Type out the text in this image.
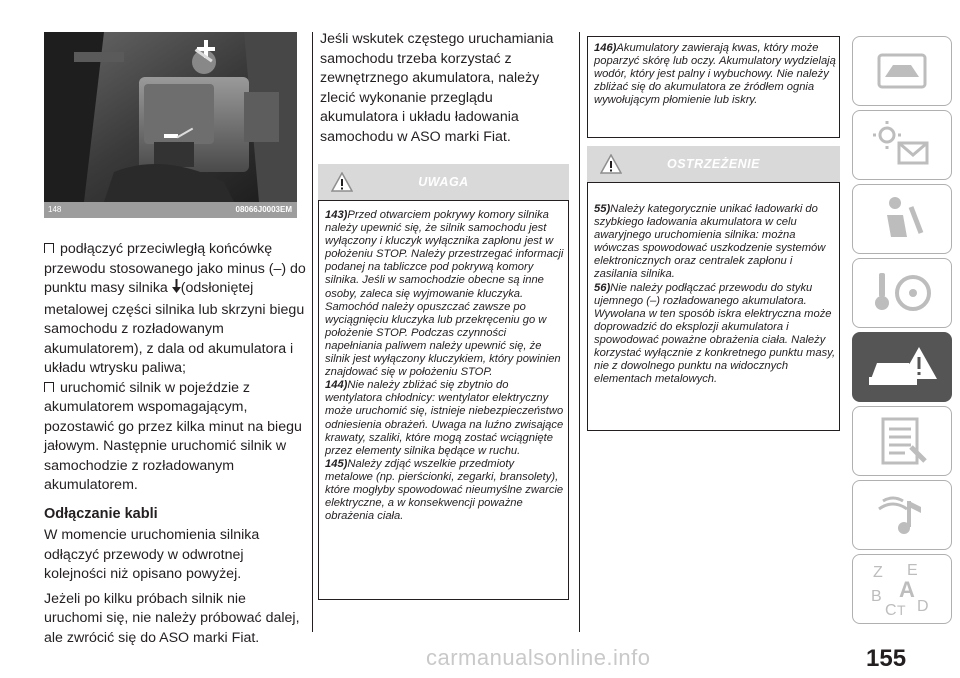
148	08066J0003EM
podłączyć przeciwległą końcówkę przewodu stosowanego jako minus (–) do punktu masy silnika (odsłoniętej metalowej części silnika lub skrzyni biegu samochodu z rozładowanym akumulatorem), z dala od akumulatora i układu wtrysku paliwa;
uruchomić silnik w pojeździe z akumulatorem wspomagającym, pozostawić go przez kilka minut na biegu jałowym. Następnie uruchomić silnik w samochodzie z rozładowanym akumulatorem.
Odłączanie kabli
W momencie uruchomienia silnika odłączyć przewody w odwrotnej kolejności niż opisano powyżej.
Jeżeli po kilku próbach silnik nie uruchomi się, nie należy próbować dalej, ale zwrócić się do ASO marki Fiat.
Jeśli wskutek częstego uruchamiania samochodu trzeba korzystać z zewnętrznego akumulatora, należy zlecić wykonanie przeglądu akumulatora i układu ładowania samochodu w ASO marki Fiat.
UWAGA
143)Przed otwarciem pokrywy komory silnika należy upewnić się, że silnik samochodu jest wyłączony i kluczyk wyłącznika zapłonu jest w położeniu STOP. Należy przestrzegać informacji podanej na tabliczce pod pokrywą komory silnika. Jeśli w samochodzie obecne są inne osoby, zaleca się wyjmowanie kluczyka. Samochód należy opuszczać zawsze po wyciągnięciu kluczyka lub przekręceniu go w położenie STOP. Podczas czynności napełniania paliwem należy upewnić się, że silnik jest wyłączony kluczykiem, który powinien znajdować się w położeniu STOP.
144)Nie należy zbliżać się zbytnio do wentylatora chłodnicy: wentylator elektryczny może uruchomić się, istnieje niebezpieczeństwo odniesienia obrażeń. Uwaga na luźno zwisające krawaty, szaliki, które mogą zostać wciągnięte przez elementy silnika będące w ruchu.
145)Należy zdjąć wszelkie przedmioty metalowe (np. pierścionki, zegarki, bransolety), które mogłyby spowodować nieumyślne zwarcie elektryczne, a w konsekwencji poważne obrażenia ciała.
146)Akumulatory zawierają kwas, który może poparzyć skórę lub oczy. Akumulatory wydzielają wodór, który jest palny i wybuchowy. Nie należy zbliżać się do akumulatora ze źródłem ognia wywołującym płomienie lub iskry.
OSTRZEŻENIE
55)Należy kategorycznie unikać ładowarki do szybkiego ładowania akumulatora w celu awaryjnego uruchomienia silnika: można wówczas spowodować uszkodzenie systemów elektronicznych oraz centralek zapłonu i zasilania silnika.
56)Nie należy podłączać przewodu do styku ujemnego (–) rozładowanego akumulatora. Wywołana w ten sposób iskra elektryczna może doprowadzić do eksplozji akumulatora i spowodować poważne obrażenia ciała. Należy korzystać wyłącznie z konkretnego punktu masy, nie z dowolnego punktu na widocznych elementach metalowych.
Z E
B A
C T D
155
carmanualsonline.info
